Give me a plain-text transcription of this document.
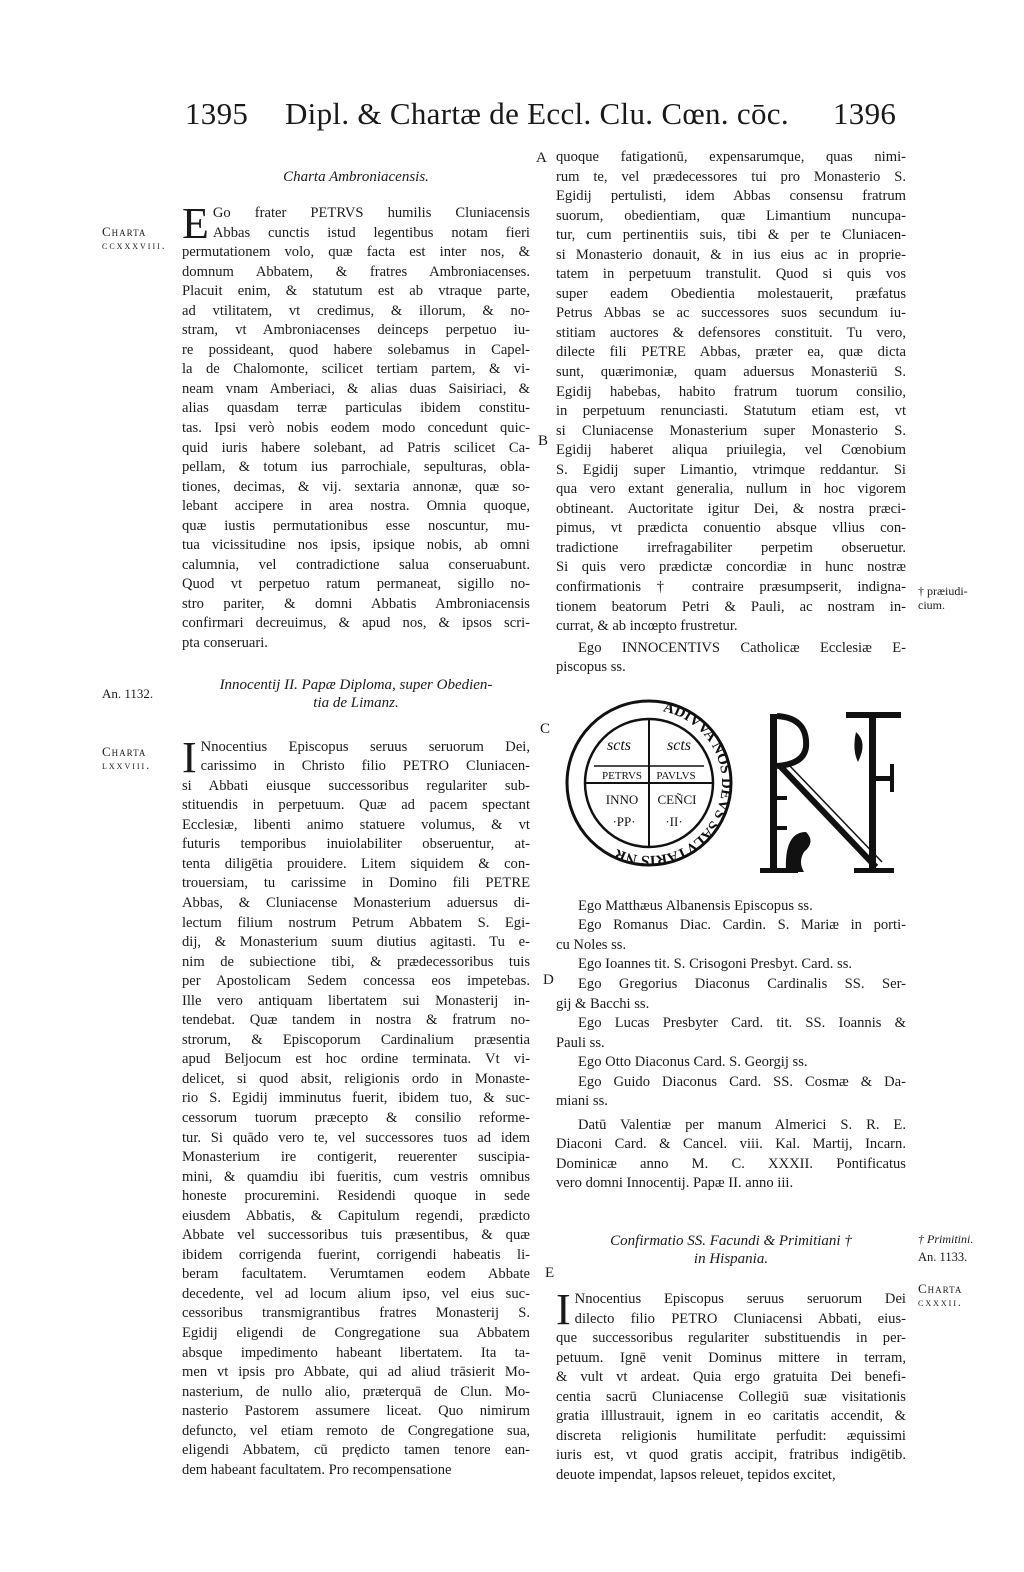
1395 Dipl. & Chartæ de Eccl. Clu. Cœn. cōc. 1396
Charta
ccxxxviii.
An. 1132.
Charta
lxxviii.
† præiudi-
cium.
† Primitini.
An. 1133.
Charta
cxxxii.
A
B
C
D
E
Charta Ambroniacensis.
E Go frater PETRVS humilis Cluniacensis
Abbas cunctis istud legentibus notam fieri
permutationem volo, quæ facta est inter nos, &
domnum Abbatem, & fratres Ambroniacenses.
Placuit enim, & statutum est ab vtraque parte,
ad vtilitatem, vt credimus, & illorum, & no-
stram, vt Ambroniacenses deinceps perpetuo iu-
re possideant, quod habere solebamus in Capel-
la de Chalomonte, scilicet tertiam partem, & vi-
neam vnam Amberiaci, & alias duas Saisiriaci, &
alias quasdam terræ particulas ibidem constitu-
tas. Ipsi verò nobis eodem modo concedunt quic-
quid iuris habere solebant, ad Patris scilicet Ca-
pellam, & totum ius parrochiale, sepulturas, obla-
tiones, decimas, & vij. sextaria annonæ, quæ so-
lebant accipere in area nostra. Omnia quoque,
quæ iustis permutationibus esse noscuntur, mu-
tua vicissitudine nos ipsis, ipsique nobis, ab omni
calumnia, vel contradictione salua conseruabunt.
Quod vt perpetuo ratum permaneat, sigillo no-
stro pariter, & domni Abbatis Ambroniacensis
confirmari decreuimus, & apud nos, & ipsos scri-
pta conseruari.
Innocentij II. Papæ Diploma, super Obedien-
tia de Limanz.
I Nnocentius Episcopus seruus seruorum Dei,
carissimo in Christo filio PETRO Cluniacen-
si Abbati eiusque successoribus regulariter sub-
stituendis in perpetuum. Quæ ad pacem spectant
Ecclesiæ, libenti animo statuere volumus, & vt
futuris temporibus inuiolabiliter obseruentur, at-
tenta diligētia prouidere. Litem siquidem & con-
trouersiam, tu carissime in Domino fili PETRE
Abbas, & Cluniacense Monasterium aduersus di-
lectum filium nostrum Petrum Abbatem S. Egi-
dij, & Monasterium suum diutius agitasti. Tu e-
nim de subiectione tibi, & prædecessoribus tuis
per Apostolicam Sedem concessa eos impetebas.
Ille vero antiquam libertatem sui Monasterij in-
tendebat. Quæ tandem in nostra & fratrum no-
strorum, & Episcoporum Cardinalium præsentia
apud Beljocum est hoc ordine terminata. Vt vi-
delicet, si quod absit, religionis ordo in Monaste-
rio S. Egidij imminutus fuerit, ibidem tuo, & suc-
cessorum tuorum præcepto & consilio reforme-
tur. Si quādo vero te, vel successores tuos ad idem
Monasterium ire contigerit, reuerenter suscipia-
mini, & quamdiu ibi fueritis, cum vestris omnibus
honeste procuremini. Residendi quoque in sede
eiusdem Abbatis, & Capitulum regendi, prædicto
Abbate vel successoribus tuis præsentibus, & quæ
ibidem corrigenda fuerint, corrigendi habeatis li-
beram facultatem. Verumtamen eodem Abbate
decedente, vel ad locum alium ipso, vel eius suc-
cessoribus transmigrantibus fratres Monasterij S.
Egidij eligendi de Congregatione sua Abbatem
absque impedimento habeant libertatem. Ita ta-
men vt ipsis pro Abbate, qui ad aliud trāsierit Mo-
nasterium, de nullo alio, præterquā de Clun. Mo-
nasterio Pastorem assumere liceat. Quo nimirum
defuncto, vel etiam remoto de Congregatione sua,
eligendi Abbatem, cū prędicto tamen tenore ean-
dem habeant facultatem. Pro recompensatione
quoque fatigationū, expensarumque, quas nimi-
rum te, vel prædecessores tui pro Monasterio S.
Egidij pertulisti, idem Abbas consensu fratrum
suorum, obedientiam, quæ Limantium nuncupa-
tur, cum pertinentiis suis, tibi & per te Cluniacen-
si Monasterio donauit, & in ius eius ac in proprie-
tatem in perpetuum transtulit. Quod si quis vos
super eadem Obedientia molestauerit, præfatus
Petrus Abbas se ac successores suos secundum iu-
stitiam auctores & defensores constituit. Tu vero,
dilecte fili PETRE Abbas, præter ea, quæ dicta
sunt, quærimoniæ, quam aduersus Monasteriū S.
Egidij habebas, habito fratrum tuorum consilio,
in perpetuum renunciasti. Statutum etiam est, vt
si Cluniacense Monasterium super Monasterio S.
Egidij haberet aliqua priuilegia, vel Cœnobium
S. Egidij super Limantio, vtrimque reddantur. Si
qua vero extant generalia, nullum in hoc vigorem
obtineant. Auctoritate igitur Dei, & nostra præci-
pimus, vt prædicta conuentio absque vllius con-
tradictione irrefragabiliter perpetim obseruetur.
Si quis vero prædictæ concordiæ in hunc nostræ
confirmationis † contraire præsumpserit, indigna-
tionem beatorum Petri & Pauli, ac nostram in-
currat, & ab incœpto frustretur.
Ego INNOCENTIVS Catholicæ Ecclesiæ E-
piscopus ss.
ADIVVA NOS DEVS SALVTARIS NR
scts scts
PETRVS PAVLVS
INNO CEÑCI
·PP· ·II·
Ego Matthæus Albanensis Episcopus ss.
Ego Romanus Diac. Cardin. S. Mariæ in porti-
cu Noles ss.
Ego Ioannes tit. S. Crisogoni Presbyt. Card. ss.
Ego Gregorius Diaconus Cardinalis SS. Ser-
gij & Bacchi ss.
Ego Lucas Presbyter Card. tit. SS. Ioannis &
Pauli ss.
Ego Otto Diaconus Card. S. Georgij ss.
Ego Guido Diaconus Card. SS. Cosmæ & Da-
miani ss.
Datū Valentiæ per manum Almerici S. R. E.
Diaconi Card. & Cancel. viii. Kal. Martij, Incarn.
Dominicæ anno M. C. XXXII. Pontificatus
vero domni Innocentij. Papæ II. anno iii.
Confirmatio SS. Facundi & Primitiani †
in Hispania.
I Nnocentius Episcopus seruus seruorum Dei
dilecto filio PETRO Cluniacensi Abbati, eius-
que successoribus regulariter substituendis in per-
petuum. Ignē venit Dominus mittere in terram,
& vult vt ardeat. Quia ergo gratuita Dei benefi-
centia sacrū Cluniacense Collegiū suæ visitationis
gratia illlustrauit, ignem in eo caritatis accendit, &
discreta religionis humilitate perfudit: æquissimi
iuris est, vt quod gratis accipit, fratribus indigētib.
deuote impendat, lapsos releuet, tepidos excitet,
